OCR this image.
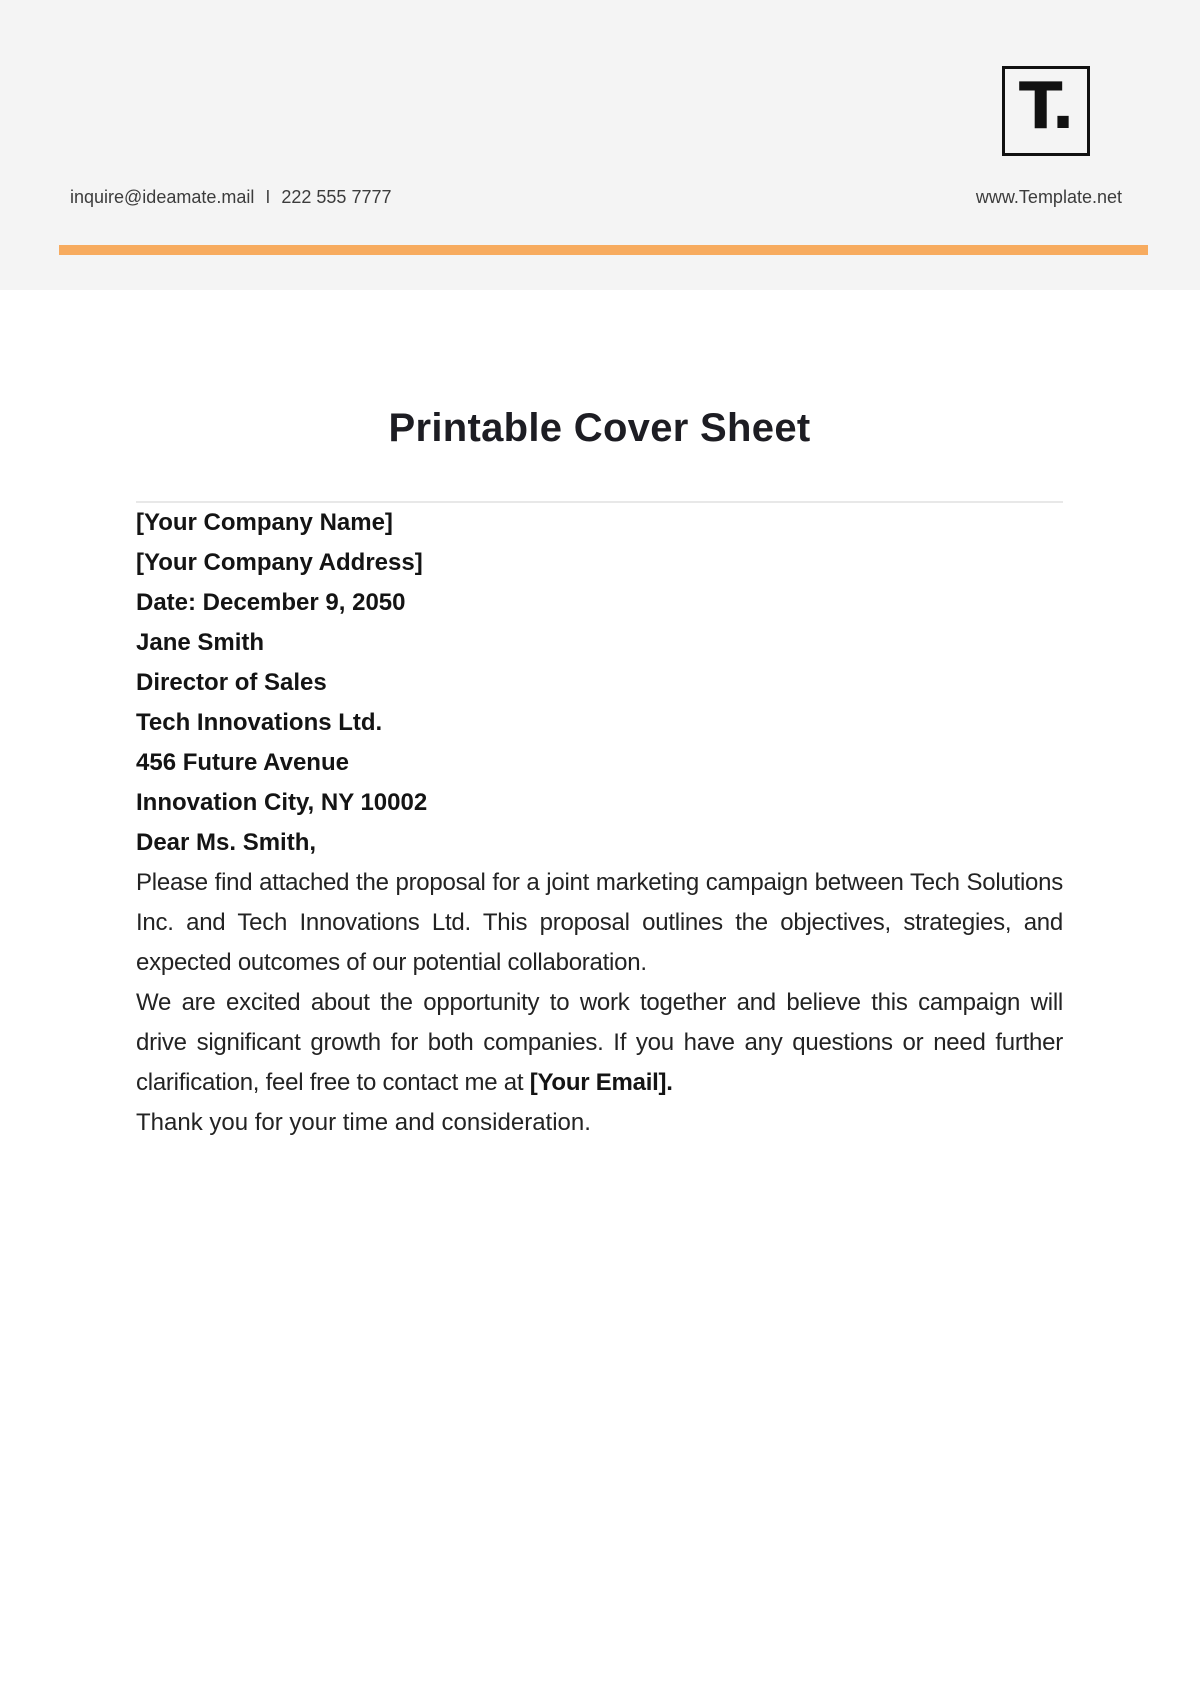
T.
inquire@ideamate.mail I 222 555 7777	www.Template.net
Printable Cover Sheet

[Your Company Name]

[Your Company Address]

Date: December 9, 2050

Jane Smith
Director of Sales
Tech Innovations Ltd.
456 Future Avenue
Innovation City, NY 10002

Dear Ms. Smith,

Please find attached the proposal for a joint marketing campaign between Tech Solutions Inc. and Tech Innovations Ltd. This proposal outlines the objectives, strategies, and expected outcomes of our potential collaboration.

We are excited about the opportunity to work together and believe this campaign will drive significant growth for both companies. If you have any questions or need further clarification, feel free to contact me at [Your Email].

Thank you for your time and consideration.
